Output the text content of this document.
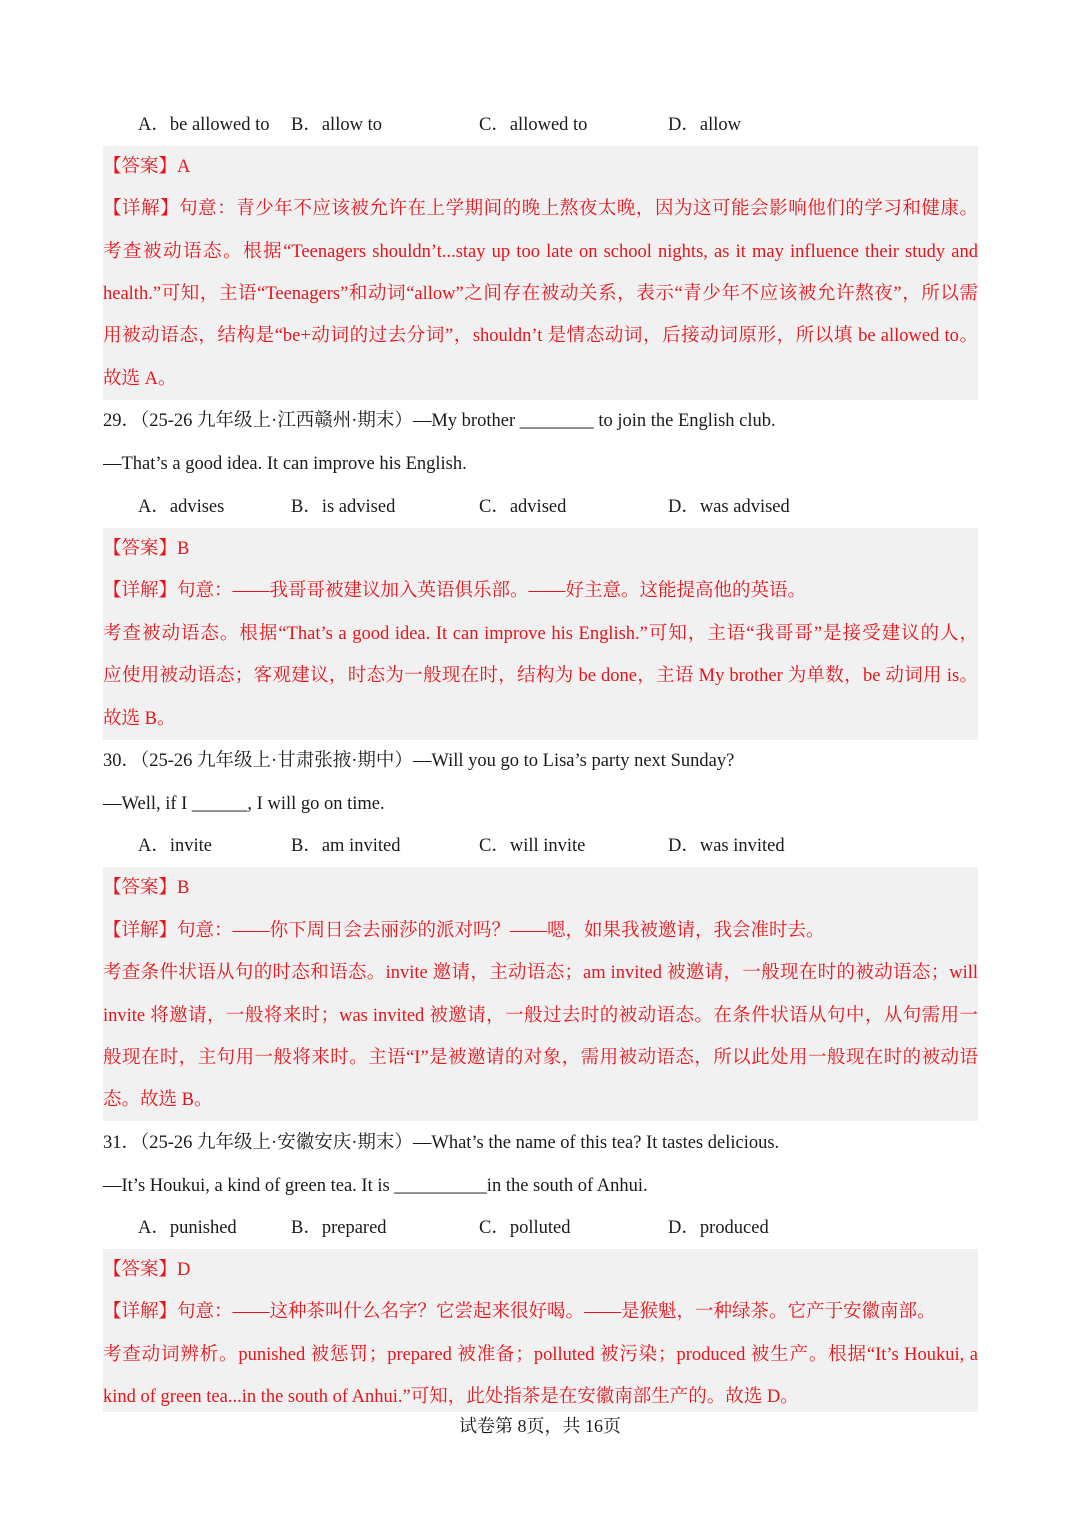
A．be allowed to B．allow to	C．allowed to	D．allow
【答案】A
【详解】句意：青少年不应该被允许在上学期间的晚上熬夜太晚，因为这可能会影响他们的学习和健康。
考查被动语态。根据“Teenagers shouldn’t...stay up too late on school nights, as it may influence their study and
health.”可知，主语“Teenagers”和动词“allow”之间存在被动关系，表示“青少年不应该被允许熬夜”，所以需
用被动语态，结构是“be+动词的过去分词”，shouldn’t 是情态动词，后接动词原形，所以填 be allowed to。
故选 A。
29．（25-26 九年级上·江西赣州·期末）—My brother ________ to join the English club.
—That’s a good idea. It can improve his English.
A．advises	B．is advised	C．advised	D．was advised
【答案】B
【详解】句意：——我哥哥被建议加入英语俱乐部。——好主意。这能提高他的英语。
考查被动语态。根据“That’s a good idea. It can improve his English.”可知，主语“我哥哥”是接受建议的人，
应使用被动语态；客观建议，时态为一般现在时，结构为 be done，主语 My brother 为单数，be 动词用 is。
故选 B。
30．（25-26 九年级上·甘肃张掖·期中）—Will you go to Lisa’s party next Sunday?
—Well, if I ______, I will go on time.
A．invite	B．am invited	C．will invite	D．was invited
【答案】B
【详解】句意：——你下周日会去丽莎的派对吗？——嗯，如果我被邀请，我会准时去。
考查条件状语从句的时态和语态。invite 邀请，主动语态；am invited 被邀请，一般现在时的被动语态；will
invite 将邀请，一般将来时；was invited 被邀请，一般过去时的被动语态。在条件状语从句中，从句需用一
般现在时，主句用一般将来时。主语“I”是被邀请的对象，需用被动语态，所以此处用一般现在时的被动语
态。故选 B。
31．（25-26 九年级上·安徽安庆·期末）—What’s the name of this tea? It tastes delicious.
—It’s Houkui, a kind of green tea. It is __________in the south of Anhui.
A．punished	B．prepared	C．polluted	D．produced
【答案】D
【详解】句意：——这种茶叫什么名字？它尝起来很好喝。——是猴魁，一种绿茶。它产于安徽南部。
考查动词辨析。punished 被惩罚；prepared 被准备；polluted 被污染；produced 被生产。根据“It’s Houkui, a
kind of green tea...in the south of Anhui.”可知，此处指茶是在安徽南部生产的。故选 D。
试卷第 8页，共 16页
